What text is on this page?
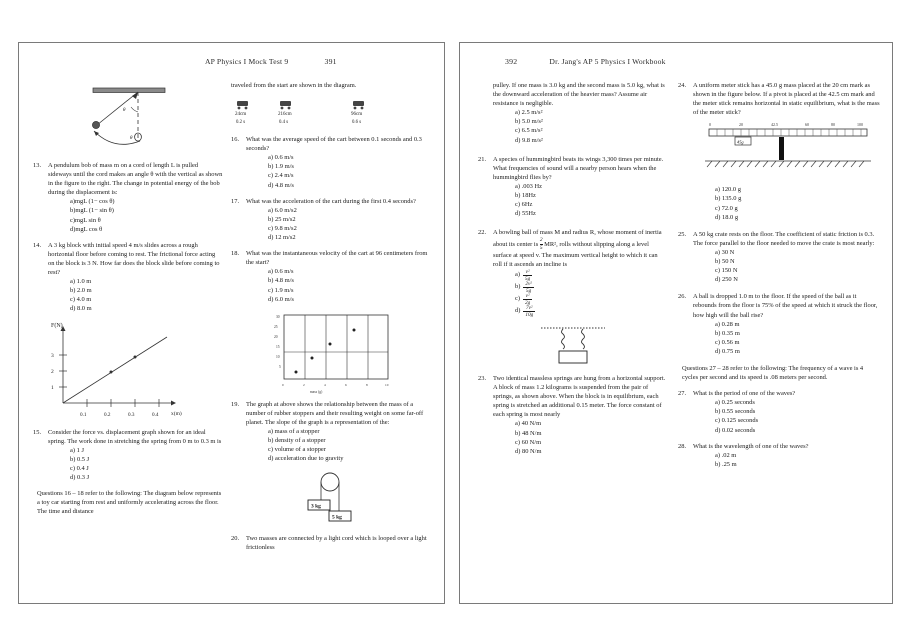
AP Physics I Mock Test 9	391
θ
θ
13.	A pendulum bob of mass m on a cord of length L is pulled sideways until the cord makes an angle θ with the vertical as shown in the figure to the right. The change in potential energy of the bob during the displacement is:

a)mgL (1− cos θ)
b)mgL (1− sin θ)
c)mgL sin θ
d)mgL cos θ
14.	A 3 kg block with initial speed 4 m/s slides across a rough horizontal floor before coming to rest. The frictional force acting on the block is 3 N. How far does the block slide before coming to rest?

a) 1.0 m
b) 2.0 m
c) 4.0 m
d) 8.0 m
F(N)
x(m)
1
2
3
0.1	0.2	0.3	0.4
15.	Consider the force vs. displacement graph shown for an ideal spring. The work done in stretching the spring from 0 m to 0.3 m is

a) 1 J
b) 0.5 J
c) 0.4 J
d) 0.3 J

Questions 16 – 18 refer to the following: The diagram below represents a toy car starting from rest and uniformly accelerating across the floor. The time and distance

traveled from the start are shown in the diagram.

24cm	216cm	96cm
0.2 s	0.4 s	0.6 s
16.	What was the average speed of the cart between 0.1 seconds and 0.3 seconds?

a) 0.6 m/s
b) 1.9 m/s
c) 2.4 m/s
d) 4.8 m/s
17.	What was the acceleration of the cart during the first 0.4 seconds?

a) 6.0 m/s2
b) 25 m/s2
c) 9.8 m/s2
d) 12 m/s2
18.	What was the instantaneous velocity of the cart at 96 centimeters from the start?

a) 0.6 m/s
b) 4.8 m/s
c) 1.9 m/s
d) 6.0 m/s
30
25
20
15
10
5
0	2	4	6	8	10
mass (g)
19.	The graph at above shows the relationship between the mass of a number of rubber stoppers and their resulting weight on some far-off planet. The slope of the graph is a representation of the:

a) mass of a stopper
b) density of a stopper
c) volume of a stopper
d) acceleration due to gravity
3 kg
5 kg
20.	Two masses are connected by a light cord which is looped over a light frictionless

392	Dr. Jang's AP 5 Physics I Workbook

pulley. If one mass is 3.0 kg and the second mass is 5.0 kg, what is the downward acceleration of the heavier mass? Assume air resistance is negligible.

a) 2.5 m/s²
b) 5.0 m/s²
c) 6.5 m/s²
d) 9.8 m/s²
21.	A species of hummingbird beats its wings 3,300 times per minute. What frequencies of sound will a nearby person hears when the hummingbird flies by?

a) .003 Hz
b) 18Hz
c) 6Hz
d) 55Hz
22.	A bowling ball of mass M and radius R, whose moment of inertia about its center is $\frac{2}{5} MR^2$, rolls without slipping along a level surface at speed v. The maximum vertical height to which it can roll if it ascends an incline is

$a) \frac{\text{v²}}{5g}$
$b) \frac{\text{2v²}}{5g}$
$c) \frac{\text{v²}}{2g}$
$d) \frac{\text{7v²}}{10g}$
23.	Two identical massless springs are hung from a horizontal support. A block of mass 1.2 kilograms is suspended from the pair of springs, as shown above. When the block is in equilibrium, each spring is stretched an additional 0.15 meter. The force constant of each spring is most nearly

a) 40 N/m
b) 48 N/m
c) 60 N/m
d) 80 N/m
24.	A uniform meter stick has a 45.0 g mass placed at the 20 cm mark as shown in the figure below. If a pivot is placed at the 42.5 cm mark and the meter stick remains horizontal in static equilibrium, what is the mass of the meter stick?

0	20	42.5	60	80	100
45g
a) 120.0 g
b) 135.0 g
c) 72.0 g
d) 18.0 g
25.	A 50 kg crate rests on the floor. The coefficient of static friction is 0.3. The force parallel to the floor needed to move the crate is most nearly:

a) 30 N
b) 50 N
c) 150 N
d) 250 N
26.	A ball is dropped 1.0 m to the floor. If the speed of the ball as it rebounds from the floor is 75% of the speed at which it struck the floor, how high will the ball rise?

a) 0.28 m
b) 0.35 m
c) 0.56 m
d) 0.75 m

Questions 27 – 28 refer to the following: The frequency of a wave is 4 cycles per second and its speed is .08 meters per second.

27.	What is the period of one of the waves?

a) 0.25 seconds
b) 0.55 seconds
c) 0.125 seconds
d) 0.02 seconds
28.	What is the wavelength of one of the waves?

a) .02 m
b) .25 m
